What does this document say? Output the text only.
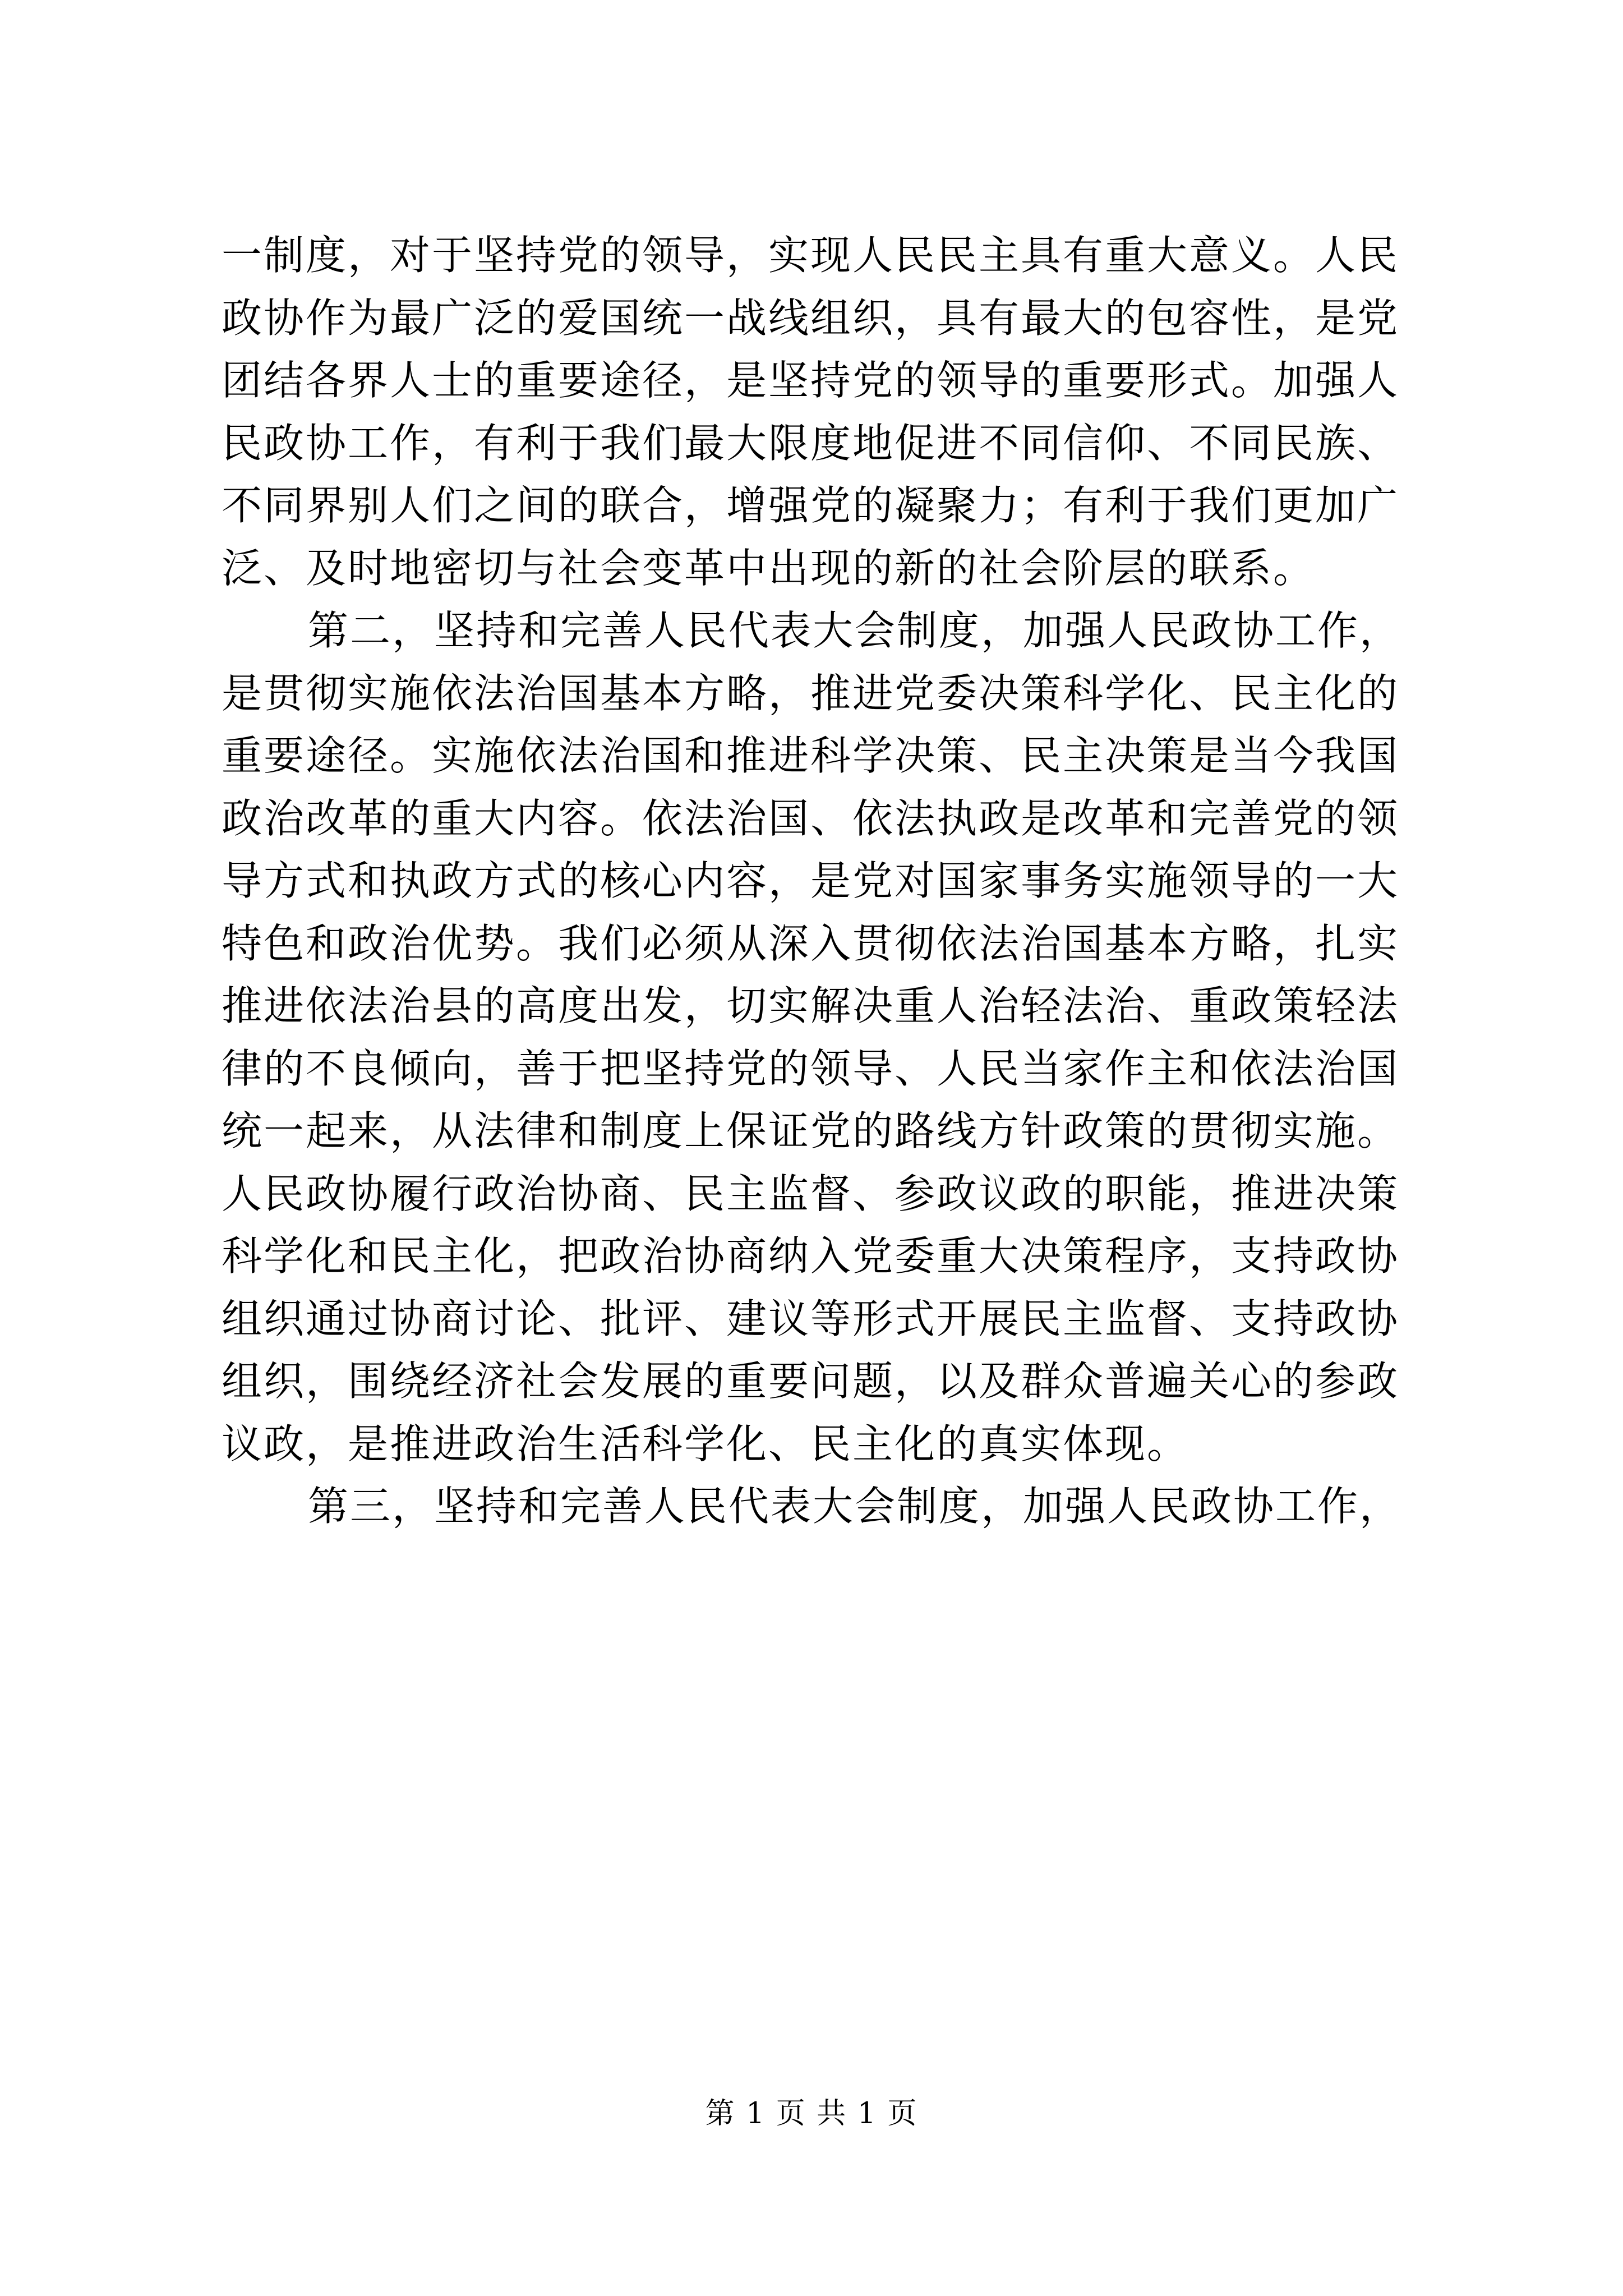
一制度，对于坚持党的领导，实现人民民主具有重大意义。人民
政协作为最广泛的爱国统一战线组织，具有最大的包容性，是党
团结各界人士的重要途径，是坚持党的领导的重要形式。加强人
民政协工作，有利于我们最大限度地促进不同信仰、不同民族、
不同界别人们之间的联合，增强党的凝聚力；有利于我们更加广
泛、及时地密切与社会变革中出现的新的社会阶层的联系。
第二，坚持和完善人民代表大会制度，加强人民政协工作，
是贯彻实施依法治国基本方略，推进党委决策科学化、民主化的
重要途径。实施依法治国和推进科学决策、民主决策是当今我国
政治改革的重大内容。依法治国、依法执政是改革和完善党的领
导方式和执政方式的核心内容，是党对国家事务实施领导的一大
特色和政治优势。我们必须从深入贯彻依法治国基本方略，扎实
推进依法治县的高度出发，切实解决重人治轻法治、重政策轻法
律的不良倾向，善于把坚持党的领导、人民当家作主和依法治国
统一起来，从法律和制度上保证党的路线方针政策的贯彻实施。
人民政协履行政治协商、民主监督、参政议政的职能，推进决策
科学化和民主化，把政治协商纳入党委重大决策程序，支持政协
组织通过协商讨论、批评、建议等形式开展民主监督、支持政协
组织，围绕经济社会发展的重要问题，以及群众普遍关心的参政
议政，是推进政治生活科学化、民主化的真实体现。
第三，坚持和完善人民代表大会制度，加强人民政协工作，
第 1 页 共 1 页
